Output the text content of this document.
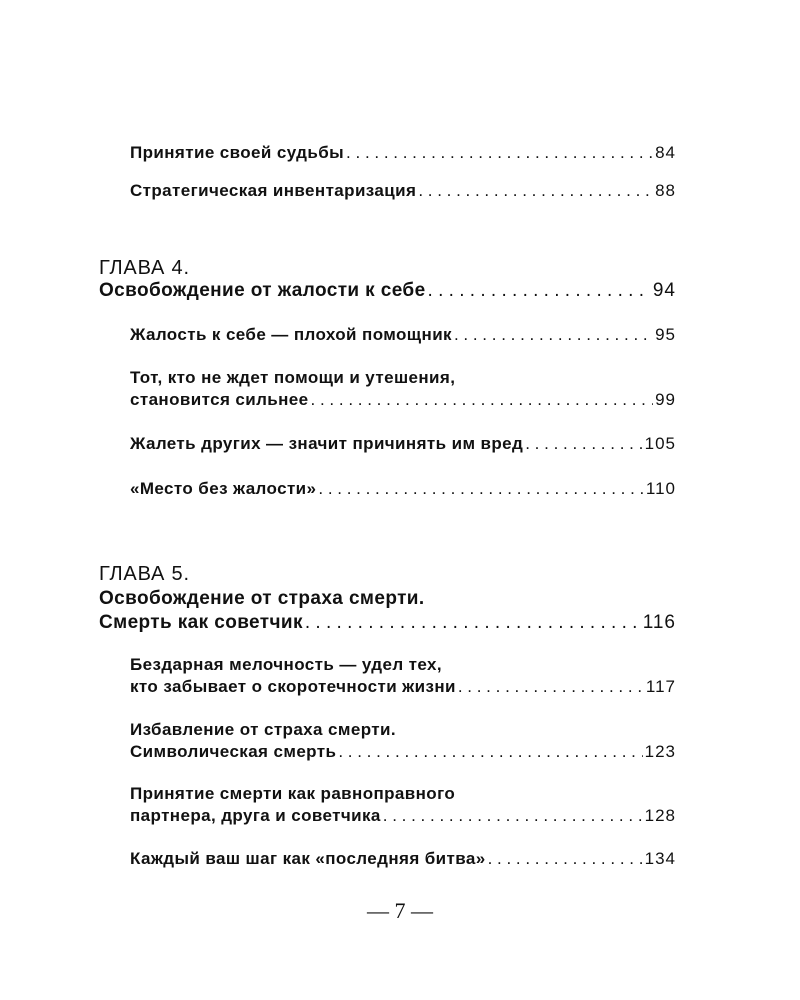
Принятие своей судьбы . . .	84
Стратегическая инвентаризация . . .	88
ГЛАВА 4.
Освобождение от жалости к себе . . .	94
Жалость к себе — плохой помощник . . .	95
Тот, кто не ждет помощи и утешения,
становится сильнее . . .	99
Жалеть других — значит причинять им вред . . .	105
«Место без жалости» . . .	110
ГЛАВА 5.
Освобождение от страха смерти.
Смерть как советчик . . .	116
Бездарная мелочность — удел тех,
кто забывает о скоротечности жизни . . .	117
Избавление от страха смерти.
Символическая смерть . . .	123
Принятие смерти как равноправного
партнера, друга и советчика . . .	128
Каждый ваш шаг как «последняя битва» . . .	134
— 7 —
